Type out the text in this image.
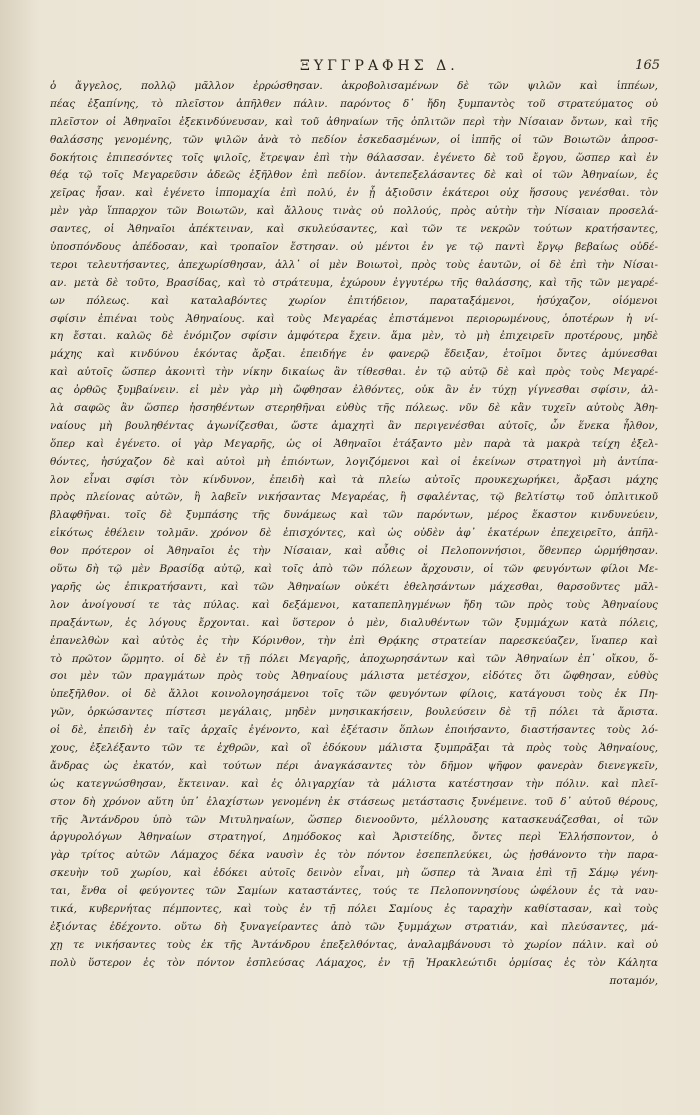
ΞΥΓΓΡΑΦΗΣ Δ.	165
ὁ ἄγγελος, πολλῷ μᾶλλον ἐρρώσθησαν. ἀκροβολισαμένων δὲ τῶν ψιλῶν καὶ ἱππέων,
πέας ἐξαπίνης, τὸ πλεῖστον ἀπῆλθεν πάλιν. παρόντος δ᾽ ἤδη ξυμπαντὸς τοῦ στρατεύματος οὐ
πλεῖστον οἱ Ἀθηναῖοι ἐξεκινδύνευσαν, καὶ τοῦ ἀθηναίων τῆς ὁπλιτῶν περὶ τὴν Νίσαιαν ὄντων, καὶ τῆς
θαλάσσης γενομένης, τῶν ψιλῶν ἀνὰ τὸ πεδίον ἐσκεδασμένων, οἱ ἱππῆς οἱ τῶν Βοιωτῶν ἀπροσ-
δοκήτοις ἐπιπεσόντες τοῖς ψιλοῖς, ἔτρεψαν ἐπὶ τὴν θάλασσαν. ἐγένετο δὲ τοῦ ἔργου, ὥσπερ καὶ ἐν
θέᾳ τῷ τοῖς Μεγαρεῦσιν ἀδεῶς ἐξῆλθον ἐπὶ πεδίον. ἀντεπεξελάσαντες δὲ καὶ οἱ τῶν Ἀθηναίων, ἐς
χεῖρας ἦσαν. καὶ ἐγένετο ἱππομαχία ἐπὶ πολύ, ἐν ᾗ ἀξιοῦσιν ἑκάτεροι οὐχ ἥσσους γενέσθαι. τὸν
μὲν γὰρ ἵππαρχον τῶν Βοιωτῶν, καὶ ἄλλους τινὰς οὐ πολλούς, πρὸς αὐτὴν τὴν Νίσαιαν προσελά-
σαντες, οἱ Ἀθηναῖοι ἀπέκτειναν, καὶ σκυλεύσαντες, καὶ τῶν τε νεκρῶν τούτων κρατήσαντες,
ὑποσπόνδους ἀπέδοσαν, καὶ τροπαῖον ἔστησαν. οὐ μέντοι ἐν γε τῷ παντὶ ἔργῳ βεβαίως οὐδέ-
τεροι τελευτήσαντες, ἀπεχωρίσθησαν, ἀλλ᾽ οἱ μὲν Βοιωτοὶ, πρὸς τοὺς ἑαυτῶν, οἱ δὲ ἐπὶ τὴν Νίσαι-
αν. μετὰ δὲ τοῦτο, Βρασίδας, καὶ τὸ στράτευμα, ἐχώρουν ἐγγυτέρω τῆς θαλάσσης, καὶ τῆς τῶν μεγαρέ-
ων πόλεως. καὶ καταλαβόντες χωρίον ἐπιτήδειον, παραταξάμενοι, ἡσύχαζον, οἰόμενοι
σφίσιν ἐπιέναι τοὺς Ἀθηναίους. καὶ τοὺς Μεγαρέας ἐπιστάμενοι περιορωμένους, ὁποτέρων ἡ νί-
κη ἔσται. καλῶς δὲ ἐνόμιζον σφίσιν ἀμφότερα ἔχειν. ἅμα μὲν, τὸ μὴ ἐπιχειρεῖν προτέρους, μηδὲ
μάχης καὶ κινδύνου ἑκόντας ἄρξαι. ἐπειδήγε ἐν φανερῷ ἔδειξαν, ἑτοῖμοι ὄντες ἀμύνεσθαι
καὶ αὐτοῖς ὥσπερ ἀκονιτὶ τὴν νίκην δικαίως ἂν τίθεσθαι. ἐν τῷ αὐτῷ δὲ καὶ πρὸς τοὺς Μεγαρέ-
ας ὀρθῶς ξυμβαίνειν. εἰ μὲν γὰρ μὴ ὤφθησαν ἐλθόντες, οὐκ ἂν ἐν τύχῃ γίγνεσθαι σφίσιν, ἀλ-
λὰ σαφῶς ἂν ὥσπερ ἡσσηθέντων στερηθῆναι εὐθὺς τῆς πόλεως. νῦν δὲ κἂν τυχεῖν αὐτοὺς Ἀθη-
ναίους μὴ βουληθέντας ἀγωνίζεσθαι, ὥστε ἀμαχητὶ ἂν περιγενέσθαι αὐτοῖς, ὧν ἕνεκα ἦλθον,
ὅπερ καὶ ἐγένετο. οἱ γὰρ Μεγαρῆς, ὡς οἱ Ἀθηναῖοι ἐτάξαντο μὲν παρὰ τὰ μακρὰ τείχη ἐξελ-
θόντες, ἡσύχαζον δὲ καὶ αὐτοὶ μὴ ἐπιόντων, λογιζόμενοι καὶ οἱ ἐκείνων στρατηγοὶ μὴ ἀντίπα-
λον εἶναι σφίσι τὸν κίνδυνον, ἐπειδὴ καὶ τὰ πλείω αὐτοῖς προυκεχωρήκει, ἄρξασι μάχης
πρὸς πλείονας αὐτῶν, ἢ λαβεῖν νικήσαντας Μεγαρέας, ἢ σφαλέντας, τῷ βελτίστῳ τοῦ ὁπλιτικοῦ
βλαφθῆναι. τοῖς δὲ ξυμπάσης τῆς δυνάμεως καὶ τῶν παρόντων, μέρος ἕκαστον κινδυνεύειν,
εἰκότως ἐθέλειν τολμᾶν. χρόνον δὲ ἐπισχόντες, καὶ ὡς οὐδὲν ἀφ᾽ ἑκατέρων ἐπεχειρεῖτο, ἀπῆλ-
θον πρότερον οἱ Ἀθηναῖοι ἐς τὴν Νίσαιαν, καὶ αὖθις οἱ Πελοποννήσιοι, ὅθενπερ ὡρμήθησαν.
οὕτω δὴ τῷ μὲν Βρασίδᾳ αὐτῷ, καὶ τοῖς ἀπὸ τῶν πόλεων ἄρχουσιν, οἱ τῶν φευγόντων φίλοι Με-
γαρῆς ὡς ἐπικρατήσαντι, καὶ τῶν Ἀθηναίων οὐκέτι ἐθελησάντων μάχεσθαι, θαρσοῦντες μᾶλ-
λον ἀνοίγουσί τε τὰς πύλας. καὶ δεξάμενοι, καταπεπληγμένων ἤδη τῶν πρὸς τοὺς Ἀθηναίους
πραξάντων, ἐς λόγους ἔρχονται. καὶ ὕστερον ὁ μὲν, διαλυθέντων τῶν ξυμμάχων κατὰ πόλεις,
ἐπανελθὼν καὶ αὐτὸς ἐς τὴν Κόρινθον, τὴν ἐπὶ Θρᾴκης στρατείαν παρεσκεύαζεν, ἵναπερ καὶ
τὸ πρῶτον ὥρμητο. οἱ δὲ ἐν τῇ πόλει Μεγαρῆς, ἀποχωρησάντων καὶ τῶν Ἀθηναίων ἐπ᾽ οἴκου, ὅ-
σοι μὲν τῶν πραγμάτων πρὸς τοὺς Ἀθηναίους μάλιστα μετέσχον, εἰδότες ὅτι ὤφθησαν, εὐθὺς
ὑπεξῆλθον. οἱ δὲ ἄλλοι κοινολογησάμενοι τοῖς τῶν φευγόντων φίλοις, κατάγουσι τοὺς ἐκ Πη-
γῶν, ὁρκώσαντες πίστεσι μεγάλαις, μηδὲν μνησικακήσειν, βουλεύσειν δὲ τῇ πόλει τὰ ἄριστα.
οἱ δὲ, ἐπειδὴ ἐν ταῖς ἀρχαῖς ἐγένοντο, καὶ ἐξέτασιν ὅπλων ἐποιήσαντο, διαστήσαντες τοὺς λό-
χους, ἐξελέξαντο τῶν τε ἐχθρῶν, καὶ οἳ ἐδόκουν μάλιστα ξυμπρᾶξαι τὰ πρὸς τοὺς Ἀθηναίους,
ἄνδρας ὡς ἑκατόν, καὶ τούτων πέρι ἀναγκάσαντες τὸν δῆμον ψῆφον φανερὰν διενεγκεῖν,
ὡς κατεγνώσθησαν, ἔκτειναν. καὶ ἐς ὀλιγαρχίαν τὰ μάλιστα κατέστησαν τὴν πόλιν. καὶ πλεῖ-
στον δὴ χρόνον αὕτη ὑπ᾽ ἐλαχίστων γενομένη ἐκ στάσεως μετάστασις ξυνέμεινε. τοῦ δ᾽ αὐτοῦ θέρους,
τῆς Ἀντάνδρου ὑπὸ τῶν Μιτυληναίων, ὥσπερ διενοοῦντο, μέλλουσης κατασκευάζεσθαι, οἱ τῶν
ἀργυρολόγων Ἀθηναίων στρατηγοί, Δημόδοκος καὶ Ἀριστείδης, ὄντες περὶ Ἑλλήσποντον, ὁ
γὰρ τρίτος αὐτῶν Λάμαχος δέκα ναυσὶν ἐς τὸν πόντον ἐσεπεπλεύκει, ὡς ᾐσθάνοντο τὴν παρα-
σκευὴν τοῦ χωρίου, καὶ ἐδόκει αὐτοῖς δεινὸν εἶναι, μὴ ὥσπερ τὰ Ἄναια ἐπὶ τῇ Σάμῳ γένη-
ται, ἔνθα οἱ φεύγοντες τῶν Σαμίων καταστάντες, τούς τε Πελοποννησίους ὠφέλουν ἐς τὰ ναυ-
τικά, κυβερνήτας πέμποντες, καὶ τοὺς ἐν τῇ πόλει Σαμίους ἐς ταραχὴν καθίστασαν, καὶ τοὺς
ἐξιόντας ἐδέχοντο. οὕτω δὴ ξυναγείραντες ἀπὸ τῶν ξυμμάχων στρατιάν, καὶ πλεύσαντες, μά-
χῃ τε νικήσαντες τοὺς ἐκ τῆς Ἀντάνδρου ἐπεξελθόντας, ἀναλαμβάνουσι τὸ χωρίον πάλιν. καὶ οὐ
πολὺ ὕστερον ἐς τὸν πόντον ἐσπλεύσας Λάμαχος, ἐν τῇ Ἡρακλεώτιδι ὁρμίσας ἐς τὸν Κάλητα
ποταμόν,
